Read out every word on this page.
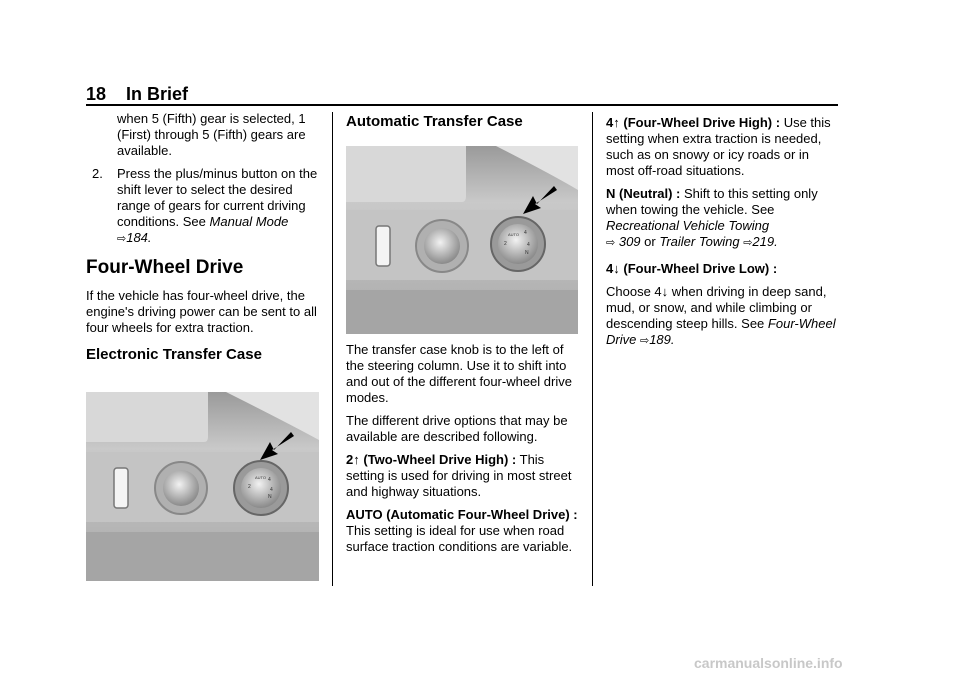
18 In Brief

when 5 (Fifth) gear is selected, 1 (First) through 5 (Fifth) gears are available.

2. Press the plus/minus button on the shift lever to select the desired range of gears for current driving conditions. See Manual Mode ⇨184.

Four-Wheel Drive

If the vehicle has four-wheel drive, the engine's driving power can be sent to all four wheels for extra traction.

Electronic Transfer Case
2
AUTO 4
4
N
Automatic Transfer Case
2
AUTO 4
4
N

The transfer case knob is to the left of the steering column. Use it to shift into and out of the different four-wheel drive modes.

The different drive options that may be available are described following.

2↑ (Two-Wheel Drive High) : This setting is used for driving in most street and highway situations.

AUTO (Automatic Four-Wheel Drive) : This setting is ideal for use when road surface traction conditions are variable.

4↑ (Four-Wheel Drive High) : Use this setting when extra traction is needed, such as on snowy or icy roads or in most off-road situations.

N (Neutral) : Shift to this setting only when towing the vehicle. See Recreational Vehicle Towing
⇨ 309 or Trailer Towing ⇨219.

4↓ (Four-Wheel Drive Low) :

Choose 4↓ when driving in deep sand, mud, or snow, and while climbing or descending steep hills. See Four-Wheel Drive ⇨189.

carmanualsonline.info
